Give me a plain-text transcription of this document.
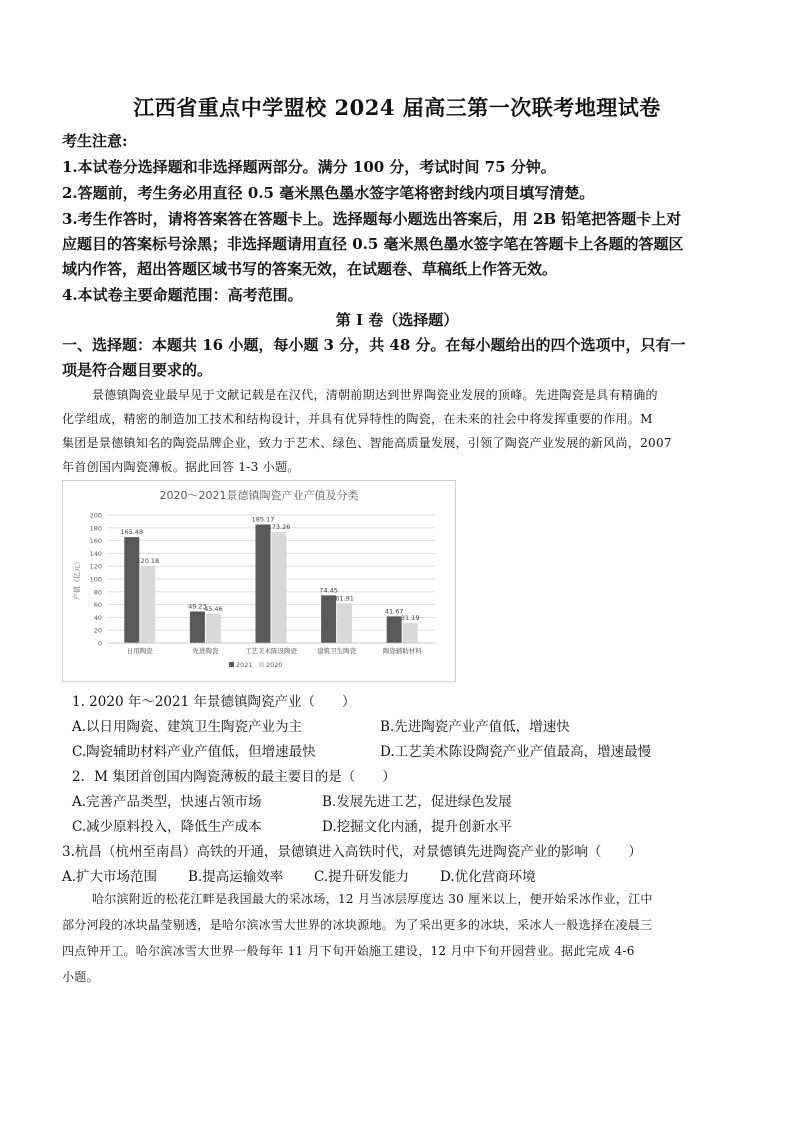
江西省重点中学盟校 2024 届高三第一次联考地理试卷
考生注意:
1.本试卷分选择题和非选择题两部分。满分 100 分，考试时间 75 分钟。
2.答题前，考生务必用直径 0.5 毫米黑色墨水签字笔将密封线内项目填写清楚。
3.考生作答时，请将答案答在答题卡上。选择题每小题选出答案后，用 2B 铅笔把答题卡上对
应题目的答案标号涂黑；非选择题请用直径 0.5 毫米黑色墨水签字笔在答题卡上各题的答题区
域内作答，超出答题区域书写的答案无效，在试题卷、草稿纸上作答无效。
4.本试卷主要命题范围：高考范围。
第 I 卷（选择题）
一、选择题：本题共 16 小题，每小题 3 分，共 48 分。在每小题给出的四个选项中，只有一
项是符合题目要求的。
景德镇陶瓷业最早见于文献记载是在汉代，清朝前期达到世界陶瓷业发展的顶峰。先进陶瓷是具有精确的
化学组成，精密的制造加工技术和结构设计，并具有优异特性的陶瓷，在未来的社会中将发挥重要的作用。M
集团是景德镇知名的陶瓷品牌企业，致力于艺术、绿色、智能高质量发展，引领了陶瓷产业发展的新风尚，2007
年首创国内陶瓷薄板。据此回答 1-3 小题。
2020～2021景德镇陶瓷产业产值及分类
0
20
40
60
80
100
120
140
160
180
200
产值（亿元）
165.48
120.18
日用陶瓷
49.23
45.46
先进陶瓷
185.17
173.26
工艺美术陈设陶瓷
74.45
61.91
建筑卫生陶瓷
41.67
31.19
陶瓷辅助材料
2021 2020
1. 2020 年～2021 年景德镇陶瓷产业（　　）
A.以日用陶瓷、建筑卫生陶瓷产业为主	B.先进陶瓷产业产值低，增速快
C.陶瓷辅助材料产业产值低，但增速最快	D.工艺美术陈设陶瓷产业产值最高，增速最慢
2．M 集团首创国内陶瓷薄板的最主要目的是（　　）
A.完善产品类型，快速占领市场	B.发展先进工艺，促进绿色发展
C.减少原料投入，降低生产成本	D.挖掘文化内涵，提升创新水平
3.杭昌（杭州至南昌）高铁的开通，景德镇进入高铁时代，对景德镇先进陶瓷产业的影响（　　）
A.扩大市场范围 B.提高运输效率 C.提升研发能力 D.优化营商环境
哈尔滨附近的松花江畔是我国最大的采冰场，12 月当冰层厚度达 30 厘米以上，便开始采冰作业，江中
部分河段的冰块晶莹剔透，是哈尔滨冰雪大世界的冰块源地。为了采出更多的冰块，采冰人一般选择在凌晨三
四点钟开工。哈尔滨冰雪大世界一般每年 11 月下旬开始施工建设，12 月中下旬开园营业。据此完成 4-6
小题。
